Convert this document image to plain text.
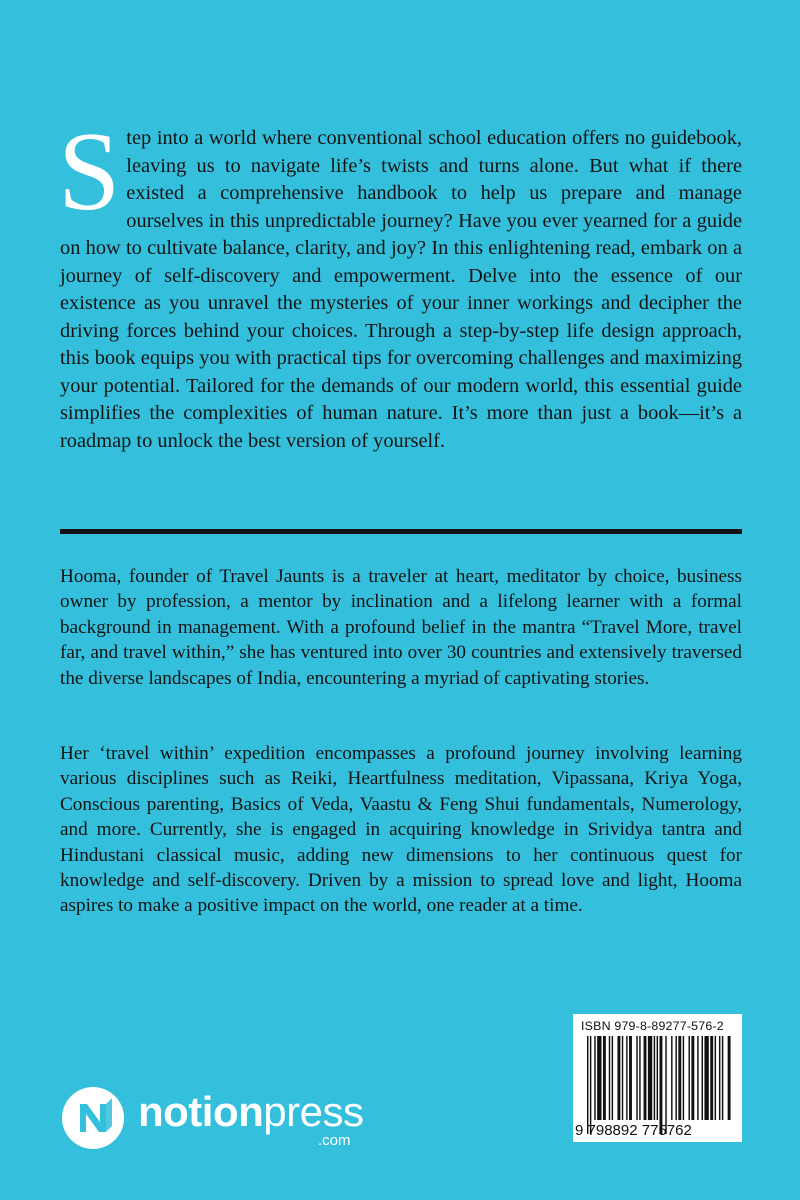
Step into a world where conventional school education offers no guidebook, leaving us to navigate life’s twists and turns alone. But what if there existed a comprehensive handbook to help us prepare and manage ourselves in this unpredictable journey? Have you ever yearned for a guide on how to cultivate balance, clarity, and joy? In this enlightening read, embark on a journey of self-discovery and empowerment. Delve into the essence of our existence as you unravel the mysteries of your inner workings and decipher the driving forces behind your choices. Through a step-by-step life design approach, this book equips you with practical tips for overcoming challenges and maximizing your potential. Tailored for the demands of our modern world, this essential guide simplifies the complexities of human nature. It’s more than just a book—it’s a roadmap to unlock the best version of yourself.

Hooma, founder of Travel Jaunts is a traveler at heart, meditator by choice, business owner by profession, a mentor by inclination and a lifelong learner with a formal background in management. With a profound belief in the mantra “Travel More, travel far, and travel within,” she has ventured into over 30 countries and extensively traversed the diverse landscapes of India, encountering a myriad of captivating stories.

Her ‘travel within’ expedition encompasses a profound journey involving learning various disciplines such as Reiki, Heartfulness meditation, Vipassana, Kriya Yoga, Conscious parenting, Basics of Veda, Vaastu & Feng Shui fundamentals, Numerology, and more. Currently, she is engaged in acquiring knowledge in Srividya tantra and Hindustani classical music, adding new dimensions to her continuous quest for knowledge and self-discovery. Driven by a mission to spread love and light, Hooma aspires to make a positive impact on the world, one reader at a time.

notionpress
.com
ISBN 979-8-89277-576-2
9 798892 775762
